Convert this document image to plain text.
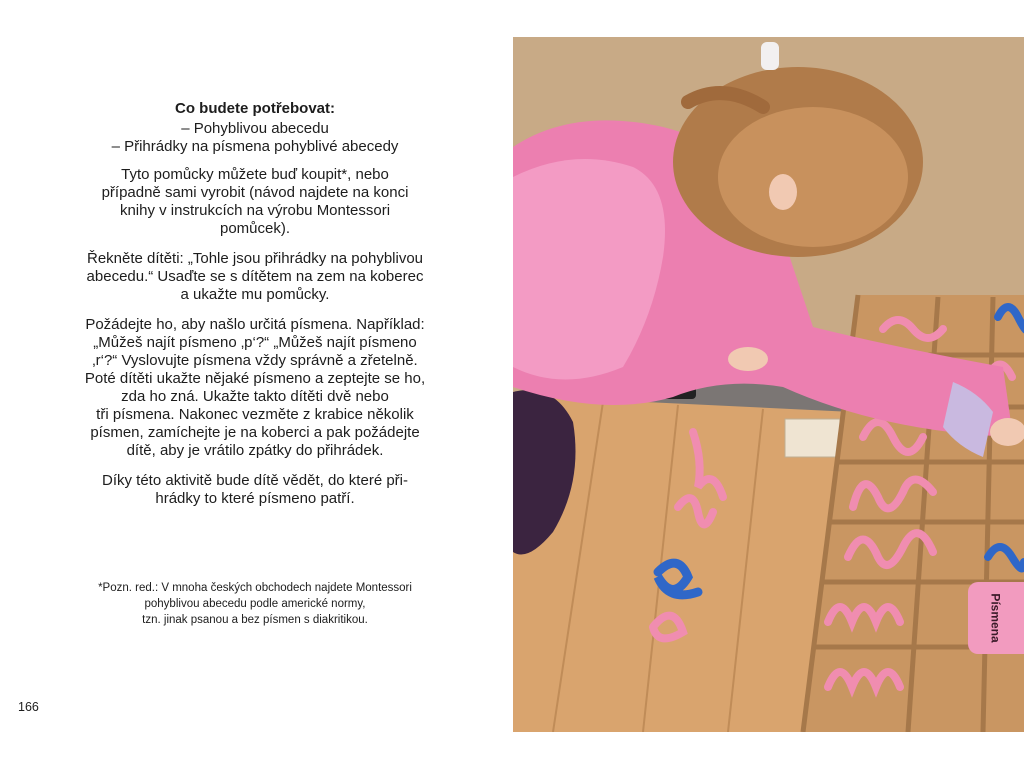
Co budete potřebovat:
– Pohyblivou abecedu
– Přihrádky na písmena pohyblivé abecedy
Tyto pomůcky můžete buď koupit*, nebo
případně sami vyrobit (návod najdete na konci
knihy v instrukcích na výrobu Montessori
pomůcek).
Řekněte dítěti: „Tohle jsou přihrádky na pohyblivou
abecedu.“ Usaďte se s dítětem na zem na koberec
a ukažte mu pomůcky.
Požádejte ho, aby našlo určitá písmena. Například:
„Můžeš najít písmeno ‚p‘?“ „Můžeš najít písmeno
‚r‘?“ Vyslovujte písmena vždy správně a zřetelně.
Poté dítěti ukažte nějaké písmeno a zeptejte se ho,
zda ho zná. Ukažte takto dítěti dvě nebo
tři písmena. Nakonec vezměte z krabice několik
písmen, zamíchejte je na koberci a pak požádejte
dítě, aby je vrátilo zpátky do přihrádek.
Díky této aktivitě bude dítě vědět, do které při-
hrádky to které písmeno patří.
*Pozn. red.: V mnoha českých obchodech najdete Montessori
pohyblivou abecedu podle americké normy,
tzn. jinak psanou a bez písmen s diakritikou.
166
Písmena
